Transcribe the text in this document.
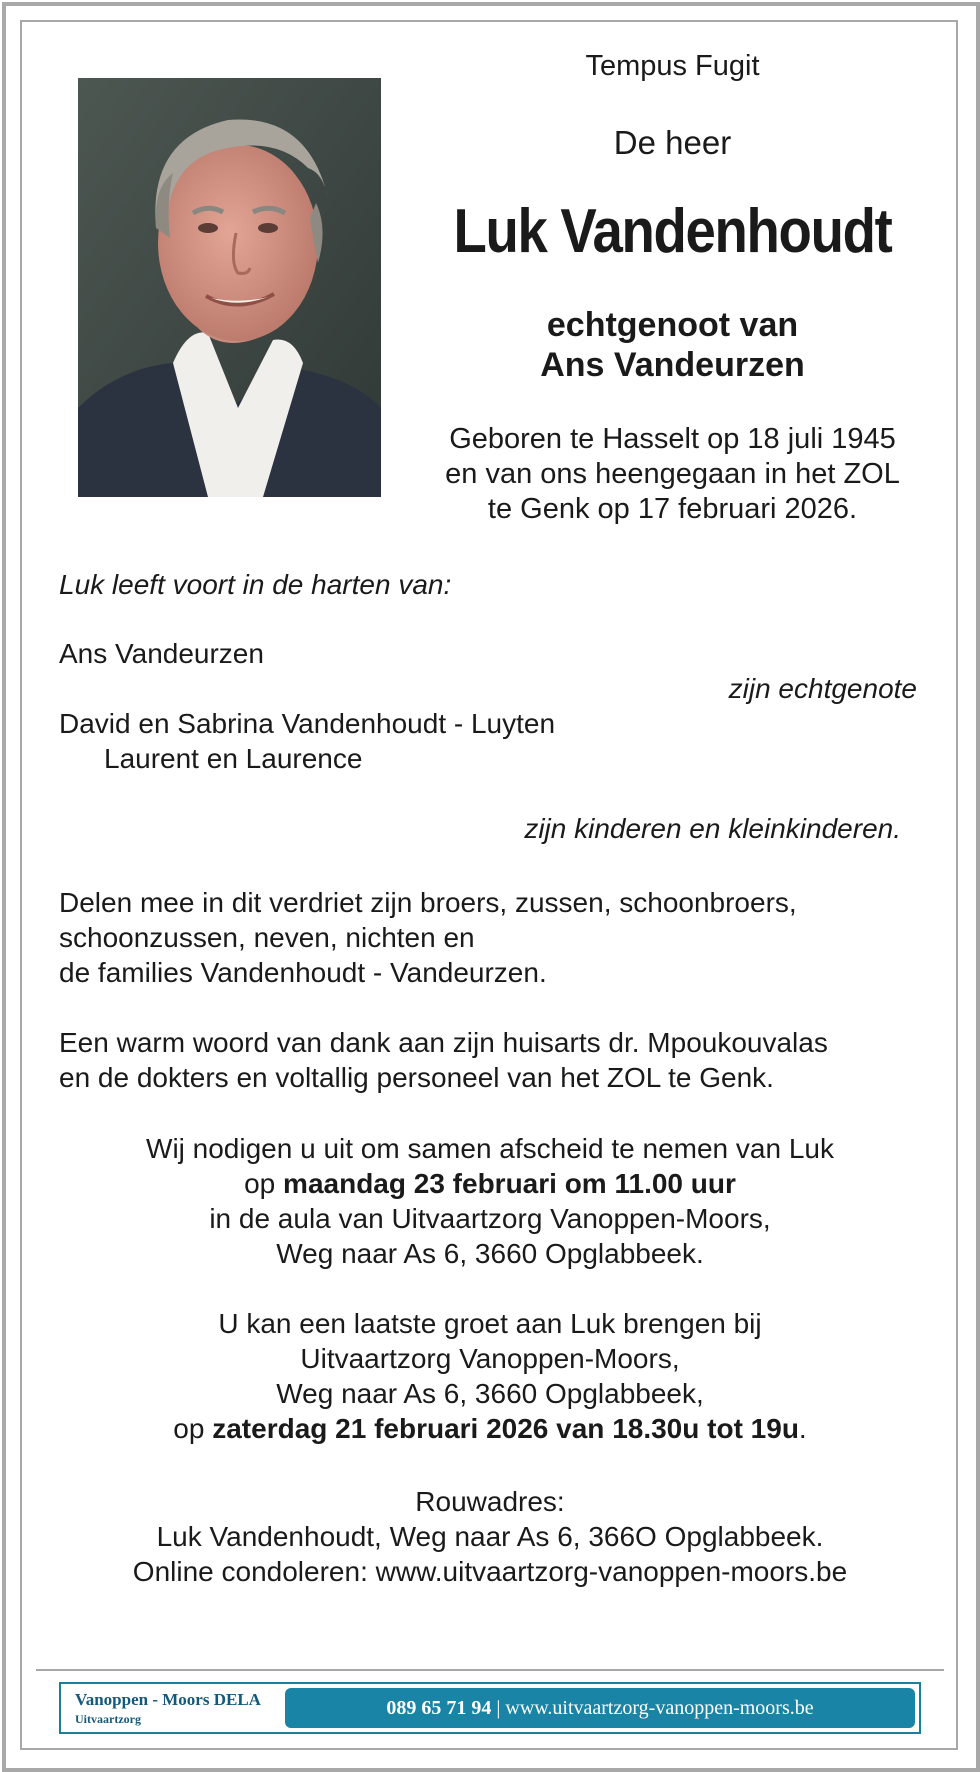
Tempus Fugit
De heer
Luk Vandenhoudt
echtgenoot van
Ans Vandeurzen
Geboren te Hasselt op 18 juli 1945
en van ons heengegaan in het ZOL
te Genk op 17 februari 2026.
Luk leeft voort in de harten van:
Ans Vandeurzen
zijn echtgenote
David en Sabrina Vandenhoudt - Luyten
Laurent en Laurence
zijn kinderen en kleinkinderen.
Delen mee in dit verdriet zijn broers, zussen, schoonbroers,
schoonzussen, neven, nichten en
de families Vandenhoudt - Vandeurzen.
Een warm woord van dank aan zijn huisarts dr. Mpoukouvalas
en de dokters en voltallig personeel van het ZOL te Genk.
Wij nodigen u uit om samen afscheid te nemen van Luk
op maandag 23 februari om 11.00 uur
in de aula van Uitvaartzorg Vanoppen-Moors,
Weg naar As 6, 3660 Opglabbeek.
U kan een laatste groet aan Luk brengen bij
Uitvaartzorg Vanoppen-Moors,
Weg naar As 6, 3660 Opglabbeek,
op zaterdag 21 februari 2026 van 18.30u tot 19u.
Rouwadres:
Luk Vandenhoudt, Weg naar As 6, 366O Opglabbeek.
Online condoleren: www.uitvaartzorg-vanoppen-moors.be
Vanoppen - Moors DELA
Uitvaartzorg	089 65 71 94 | www.uitvaartzorg-vanoppen-moors.be
